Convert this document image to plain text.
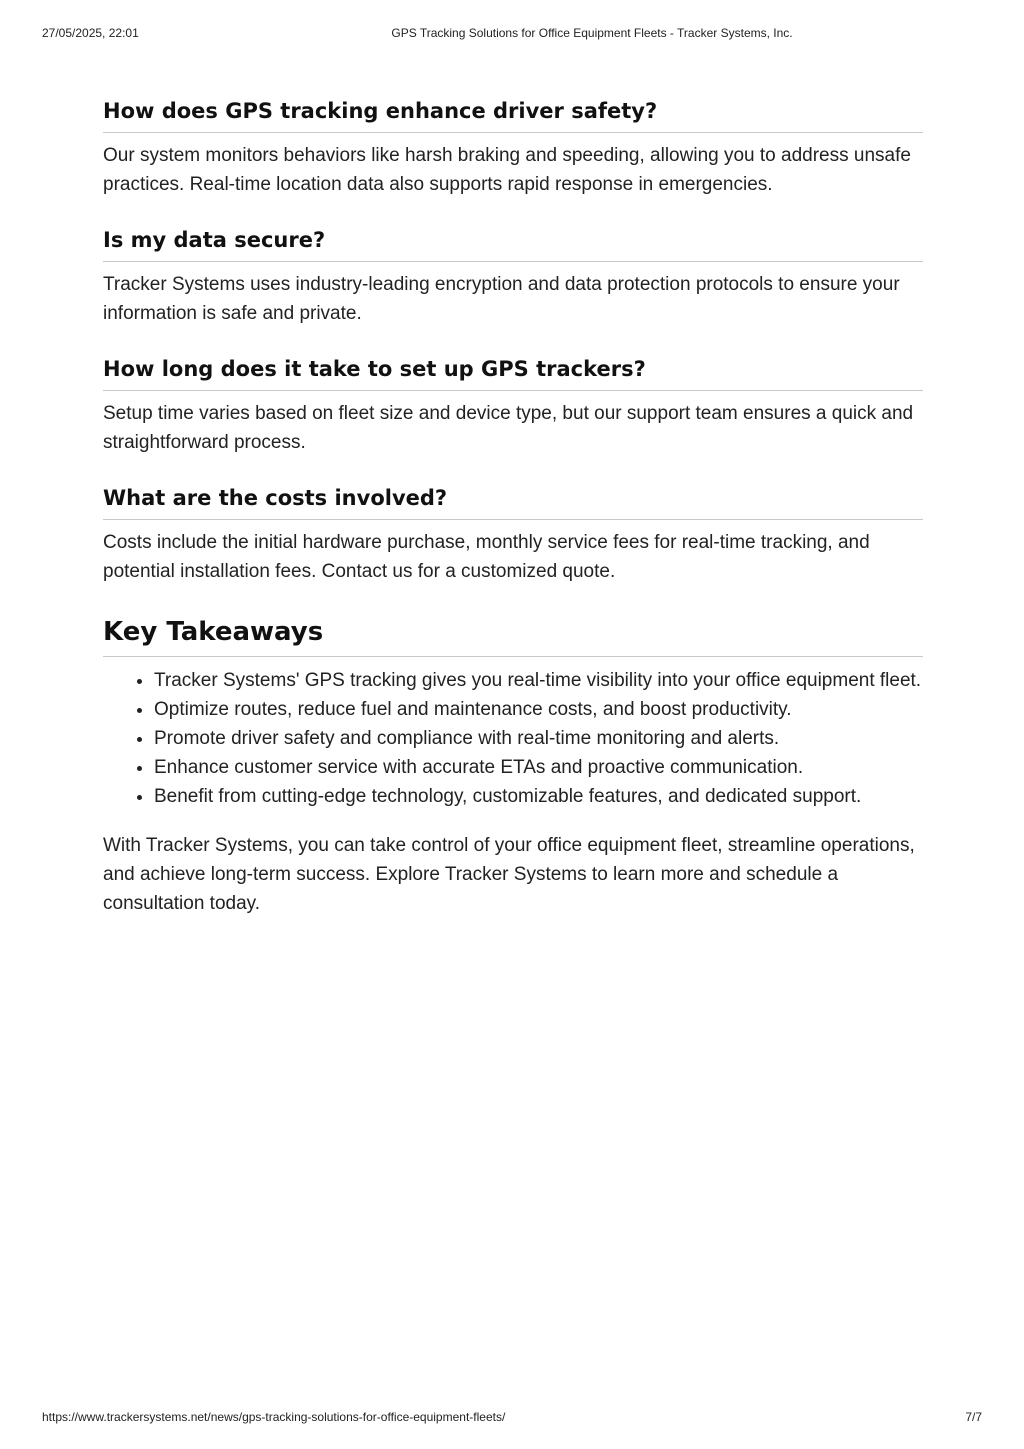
27/05/2025, 22:01	GPS Tracking Solutions for Office Equipment Fleets - Tracker Systems, Inc.
How does GPS tracking enhance driver safety?

Our system monitors behaviors like harsh braking and speeding, allowing you to address unsafe practices. Real-time location data also supports rapid response in emergencies.

Is my data secure?

Tracker Systems uses industry-leading encryption and data protection protocols to ensure your information is safe and private.

How long does it take to set up GPS trackers?

Setup time varies based on fleet size and device type, but our support team ensures a quick and straightforward process.

What are the costs involved?

Costs include the initial hardware purchase, monthly service fees for real-time tracking, and potential installation fees. Contact us for a customized quote.

Key Takeaways
• Tracker Systems' GPS tracking gives you real-time visibility into your office equipment fleet.
• Optimize routes, reduce fuel and maintenance costs, and boost productivity.
• Promote driver safety and compliance with real-time monitoring and alerts.
• Enhance customer service with accurate ETAs and proactive communication.
• Benefit from cutting-edge technology, customizable features, and dedicated support.

With Tracker Systems, you can take control of your office equipment fleet, streamline operations, and achieve long-term success. Explore Tracker Systems to learn more and schedule a consultation today.

https://www.trackersystems.net/news/gps-tracking-solutions-for-office-equipment-fleets/	7/7
